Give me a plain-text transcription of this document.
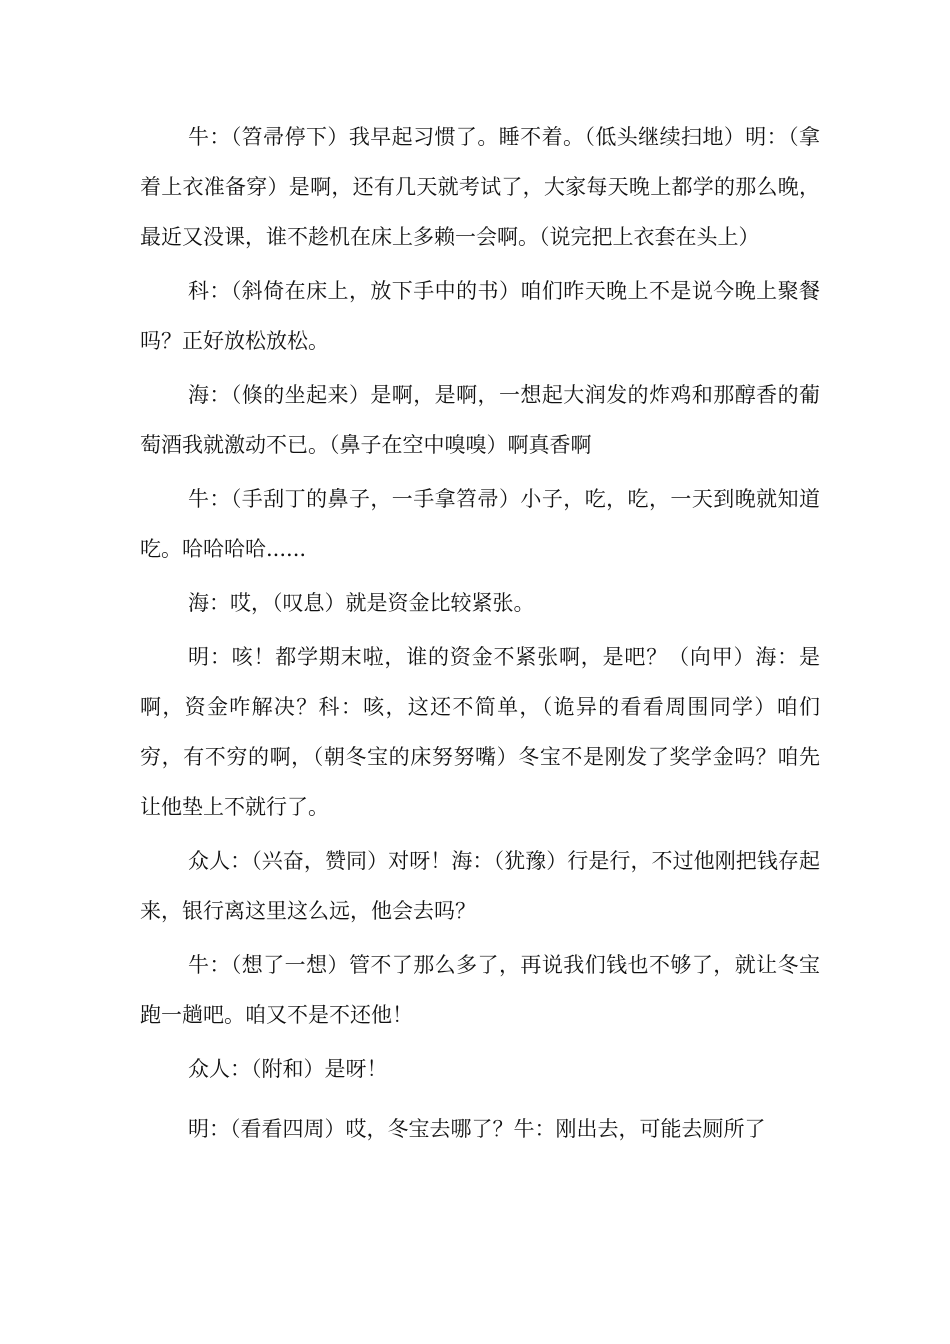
牛：（笤帚停下）我早起习惯了。睡不着。（低头继续扫地）明：（拿着上衣准备穿）是啊，还有几天就考试了，大家每天晚上都学的那么晚，最近又没课，谁不趁机在床上多赖一会啊。（说完把上衣套在头上）

科：（斜倚在床上，放下手中的书）咱们昨天晚上不是说今晚上聚餐吗？正好放松放松。

海：（倏的坐起来）是啊，是啊，一想起大润发的炸鸡和那醇香的葡萄酒我就激动不已。（鼻子在空中嗅嗅）啊真香啊

牛：（手刮丁的鼻子，一手拿笤帚）小子，吃，吃，一天到晚就知道吃。哈哈哈哈......

海：哎，（叹息）就是资金比较紧张。

明：咳！都学期末啦，谁的资金不紧张啊，是吧？（向甲）海：是啊，资金咋解决？科：咳，这还不简单，（诡异的看看周围同学）咱们穷，有不穷的啊，（朝冬宝的床努努嘴）冬宝不是刚发了奖学金吗？咱先让他垫上不就行了。

众人：（兴奋，赞同）对呀！海：（犹豫）行是行，不过他刚把钱存起来，银行离这里这么远，他会去吗？

牛：（想了一想）管不了那么多了，再说我们钱也不够了，就让冬宝跑一趟吧。咱又不是不还他！

众人：（附和）是呀！

明：（看看四周）哎，冬宝去哪了？牛：刚出去，可能去厕所了
